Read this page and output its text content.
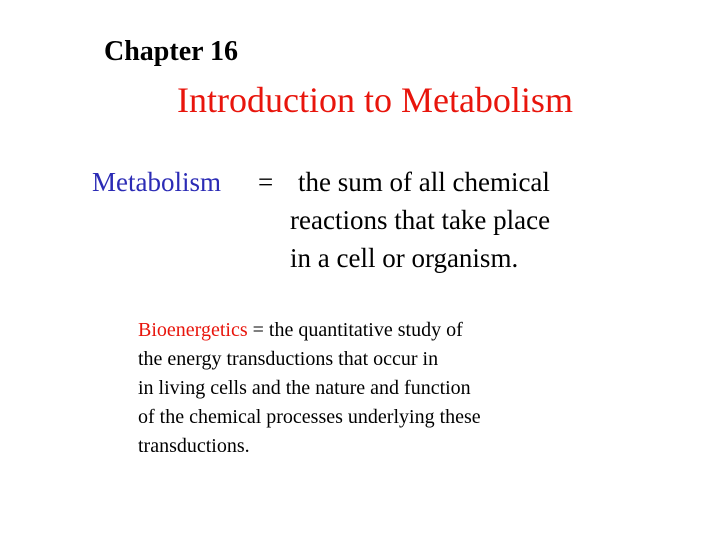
Chapter 16
Introduction to Metabolism
Metabolism = the sum of all chemical
reactions that take place
in a cell or organism.
Bioenergetics = the quantitative study of
the energy transductions that occur in
in living cells and the nature and function
of the chemical processes underlying these
transductions.
